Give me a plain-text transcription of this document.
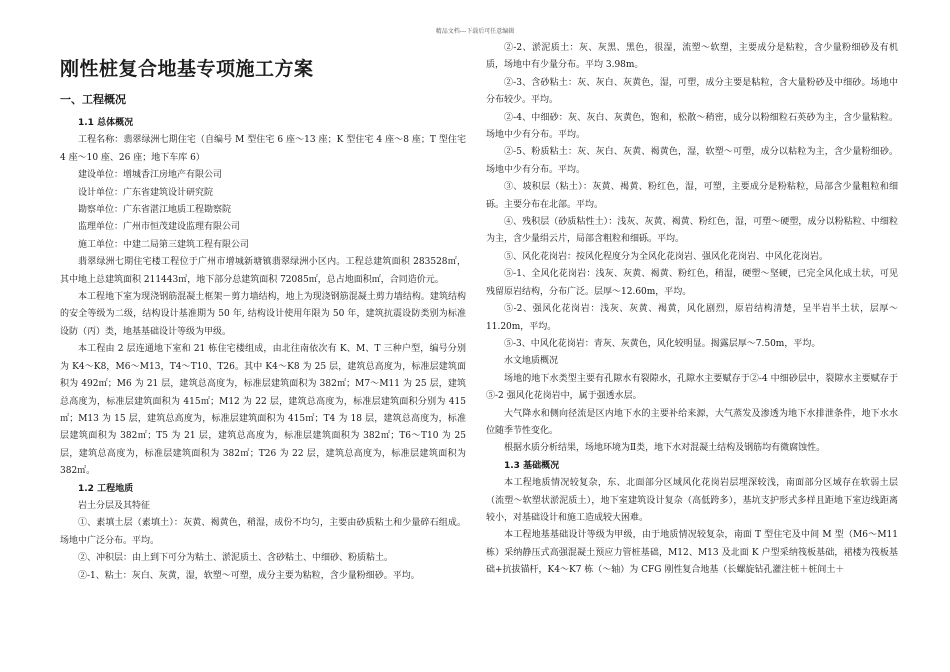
精品文档---下载后可任意编辑
刚性桩复合地基专项施工方案
一、工程概况

1.1 总体概况

工程名称：翡翠绿洲七期住宅（自编号 M 型住宅 6 座～13 座；K 型住宅 4 座～8 座；T 型住宅 4 座～10 座、26 座；地下车库 6）

建设单位：增城香江房地产有限公司

设计单位：广东省建筑设计研究院

勘察单位：广东省湛江地质工程勘察院

监理单位：广州市恒茂建设监理有限公司

施工单位：中建二局第三建筑工程有限公司

翡翠绿洲七期住宅楼工程位于广州市增城新塘镇翡翠绿洲小区内。工程总建筑面积 283528㎡，其中地上总建筑面积 211443㎡，地下部分总建筑面积 72085㎡，总占地面积㎡，合同造价元。

本工程地下室为现浇钢筋混凝土框架－剪力墙结构，地上为现浇钢筋混凝土剪力墙结构。建筑结构的安全等级为二级，结构设计基准期为 50 年, 结构设计使用年限为 50 年，建筑抗震设防类别为标准设防（丙）类，地基基础设计等级为甲级。

本工程由 2 层连通地下室和 21 栋住宅楼组成，由北往南依次有 K、M、T 三种户型，编号分别为 K4～K8，M6～M13，T4～T10、T26。其中 K4～K8 为 25 层，建筑总高度为，标准层建筑面积为 492㎡；M6 为 21 层，建筑总高度为，标准层建筑面积为 382㎡；M7～M11 为 25 层，建筑总高度为，标准层建筑面积为 415㎡；M12 为 22 层，建筑总高度为，标准层建筑面积分别为 415㎡；M13 为 15 层，建筑总高度为，标准层建筑面积为 415㎡；T4 为 18 层，建筑总高度为，标准层建筑面积为 382㎡；T5 为 21 层，建筑总高度为，标准层建筑面积为 382㎡；T6～T10 为 25 层，建筑总高度为，标准层建筑面积为 382㎡；T26 为 22 层，建筑总高度为，标准层建筑面积为 382㎡。

1.2 工程地质

岩土分层及其特征

①、素填土层（素填土）：灰黄、褐黄色，稍湿，成份不均匀，主要由砂质粘土和少量碎石组成。场地中广泛分布。平均。

②、冲积层：由上到下可分为粘土、淤泥质土、含砂粘土、中细砂、粉质粘土。

②-1、粘土：灰白、灰黄，湿，软塑～可塑，成分主要为粘粒，含少量粉细砂。平均。

②-2、淤泥质土：灰、灰黑、黑色，很湿，流塑～软塑，主要成分是粘粒，含少量粉细砂及有机质，场地中有少量分布。平均 3.98m。

②-3、含砂粘土：灰、灰白、灰黄色，湿，可塑，成分主要是粘粒，含大量粉砂及中细砂。场地中分布较少。平均。

②-4、中细砂：灰、灰白、灰黄色，饱和，松散～稍密，成分以粉细粒石英砂为主，含少量粘粒。场地中少有分布。平均。

②-5、粉质粘土：灰、灰白、灰黄、褐黄色，湿，软塑～可塑，成分以粘粒为主，含少量粉细砂。场地中少有分布。平均。

③、坡积层（粘土）：灰黄、褐黄、粉红色，湿，可塑，主要成分是粉粘粒，局部含少量粗粒和细砾。主要分布在北部。平均。

④、残积层（砂质粘性土）：浅灰、灰黄、褐黄、粉红色，湿，可塑～硬塑，成分以粉粘粒、中细粒为主，含少量绢云片，局部含粗粒和细砾。平均。

⑤、风化花岗岩：按风化程度分为全风化花岗岩、强风化花岗岩、中风化花岗岩。

⑤-1、全风化花岗岩：浅灰、灰黄、褐黄、粉红色，稍湿，硬塑～坚硬，已完全风化成土状，可见残留原岩结构，分布广泛。层厚～12.60m，平均。

⑤-2、强风化花岗岩：浅灰、灰黄、褐黄，风化剧烈，原岩结构清楚，呈半岩半土状，层厚～11.20m，平均。

⑤-3、中风化花岗岩：青灰、灰黄色，风化较明显。揭露层厚～7.50m，平均。

水文地质概况

场地的地下水类型主要有孔隙水有裂隙水，孔隙水主要赋存于②-4 中细砂层中，裂隙水主要赋存于⑤-2 强风化花岗岩中，属于强透水层。

大气降水和侧向径流是区内地下水的主要补给来源，大气蒸发及渗透为地下水排泄条件，地下水水位随季节性变化。

根据水质分析结果，场地环境为Ⅱ类，地下水对混凝土结构及钢筋均有微腐蚀性。

1.3 基础概况

本工程地质情况较复杂，东、北面部分区域风化花岗岩层埋深较浅，南面部分区域存在软弱土层（流塑～软塑状淤泥质土），地下室建筑设计复杂（高低跨多），基坑支护形式多样且距地下室边线距离较小，对基础设计和施工造成较大困难。

本工程地基基础设计等级为甲级，由于地质情况较复杂，南面 T 型住宅及中间 M 型（M6～M11 栋）采纳静压式高强混凝土预应力管桩基础，M12、M13 及北面 K 户型采纳筏板基础，裙楼为筏板基础+抗拔锚杆，K4～K7 栋（～轴）为 CFG 刚性复合地基（长螺旋钻孔灌注桩＋桩间土＋
